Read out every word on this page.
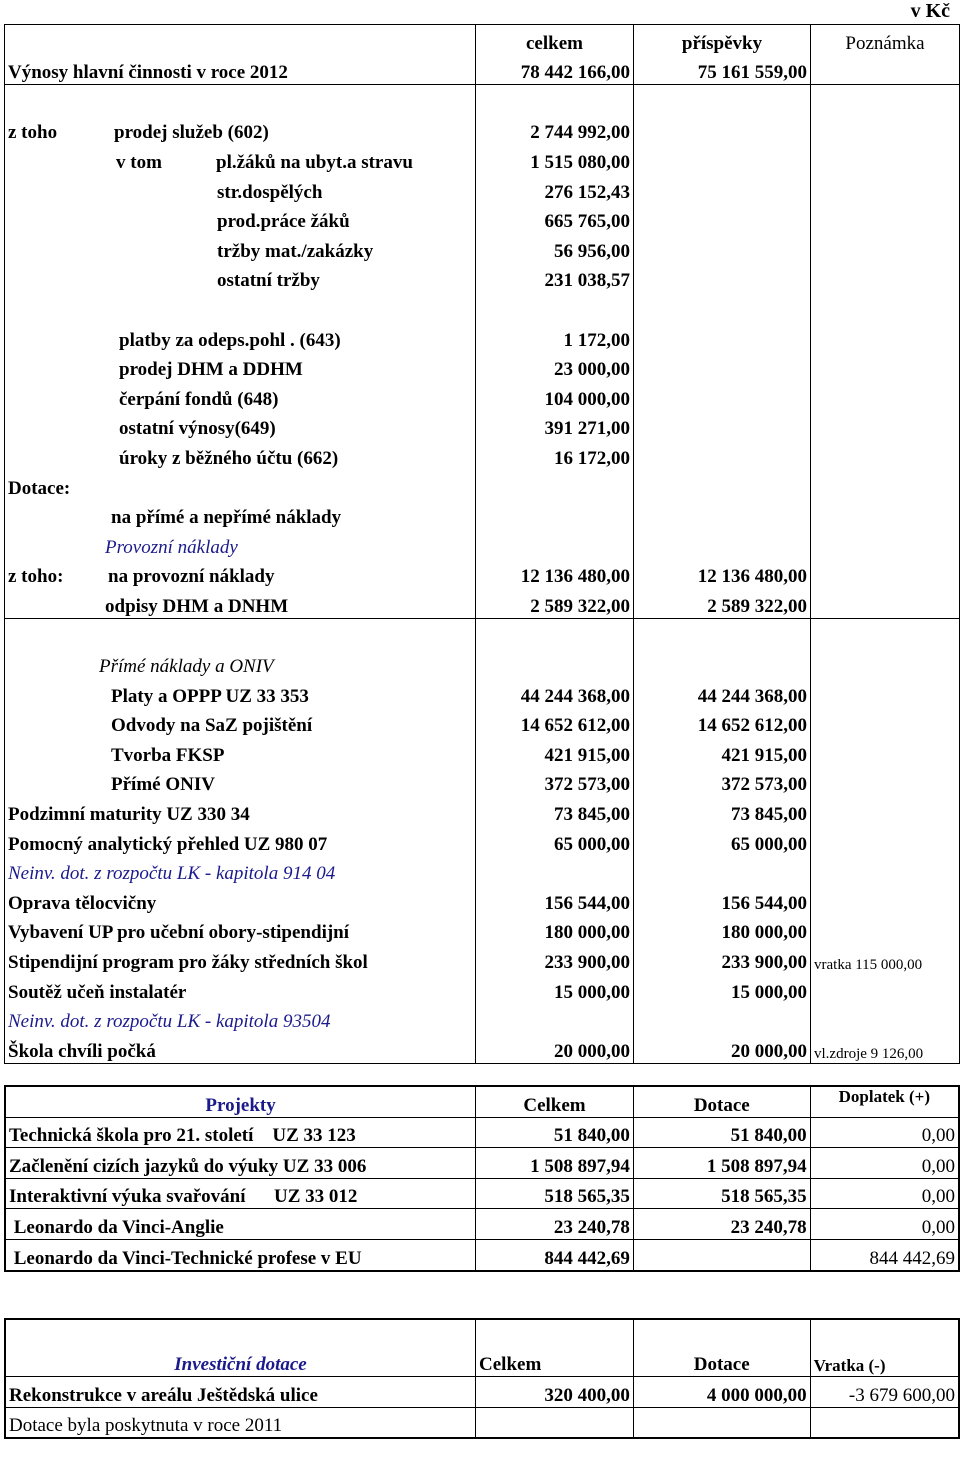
v Kč
	celkem	příspěvky	Poznámka
Výnosy hlavní činnosti v roce 2012	78 442 166,00	75 161 559,00	

z toho prodej služeb (602)	2 744 992,00		
v tom pl.žáků na ubyt.a stravu	1 515 080,00		
str.dospělých	276 152,43		
prod.práce žáků	665 765,00		
tržby mat./zakázky	56 956,00		
ostatní tržby	231 038,57		

platby za odeps.pohl . (643)	1 172,00		
prodej DHM a DDHM	23 000,00		
čerpání fondů (648)	104 000,00		
ostatní výnosy(649)	391 271,00		
úroky z běžného účtu (662)	16 172,00		
Dotace:			
na přímé a nepřímé náklady			
Provozní náklady			
z toho: na provozní náklady	12 136 480,00	12 136 480,00	
odpisy DHM a DNHM	2 589 322,00	2 589 322,00	

Přímé náklady a ONIV			
Platy a OPPP UZ 33 353	44 244 368,00	44 244 368,00	
Odvody na SaZ pojištění	14 652 612,00	14 652 612,00	
Tvorba FKSP	421 915,00	421 915,00	
Přímé ONIV	372 573,00	372 573,00	
Podzimní maturity UZ 330 34	73 845,00	73 845,00	
Pomocný analytický přehled UZ 980 07	65 000,00	65 000,00	
Neinv. dot. z rozpočtu LK - kapitola 914 04			
Oprava tělocvičny	156 544,00	156 544,00	
Vybavení UP pro učební obory-stipendijní	180 000,00	180 000,00	
Stipendijní program pro žáky středních škol	233 900,00	233 900,00	vratka 115 000,00
Soutěž učeň instalatér	15 000,00	15 000,00	
Neinv. dot. z rozpočtu LK - kapitola 93504			
Škola chvíli počká	20 000,00	20 000,00	vl.zdroje 9 126,00
Projekty	Celkem	Dotace	Doplatek (+)
Technická škola pro 21. století    UZ 33 123	51 840,00	51 840,00	0,00
Začlenění cizích jazyků do výuky UZ 33 006	1 508 897,94	1 508 897,94	0,00
Interaktivní výuka svařování      UZ 33 012	518 565,35	518 565,35	0,00
Leonardo da Vinci-Anglie	23 240,78	23 240,78	0,00
Leonardo da Vinci-Technické profese v EU	844 442,69		844 442,69
Investiční dotace	Celkem	Dotace	Vratka (-)
Rekonstrukce v areálu Ještědská ulice	320 400,00	4 000 000,00	-3 679 600,00
Dotace byla poskytnuta v roce 2011			
